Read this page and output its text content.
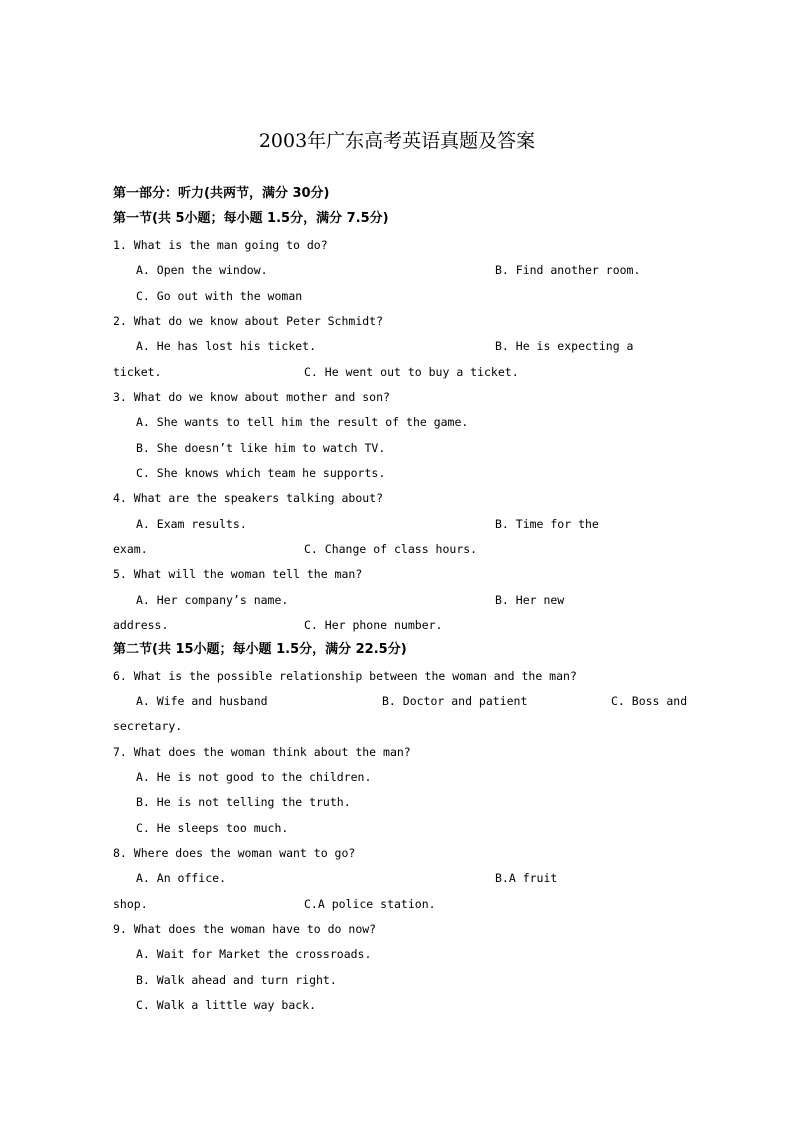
2003年广东高考英语真题及答案
第一部分：听力(共两节，满分 30分)
第一节(共 5小题；每小题 1.5分，满分 7.5分)
1. What is the man going to do?
A. Open the window.	B. Find another room.
C. Go out with the woman
2. What do we know about Peter Schmidt?
A. He has lost his ticket.	B. He is expecting a
ticket.	C. He went out to buy a ticket.
3. What do we know about mother and son?
A. She wants to tell him the result of the game.
B. She doesn’t like him to watch TV.
C. She knows which team he supports.
4. What are the speakers talking about?
A. Exam results.	B. Time for the
exam.	C. Change of class hours.
5. What will the woman tell the man?
A. Her company’s name.	B. Her new
address.	C. Her phone number.
第二节(共 15小题；每小题 1.5分，满分 22.5分)
6. What is the possible relationship between the woman and the man?
A. Wife and husband	B. Doctor and patient	C. Boss and
secretary.
7. What does the woman think about the man?
A. He is not good to the children.
B. He is not telling the truth.
C. He sleeps too much.
8. Where does the woman want to go?
A. An office.	B.A fruit
shop.	C.A police station.
9. What does the woman have to do now?
A. Wait for Market the crossroads.
B. Walk ahead and turn right.
C. Walk a little way back.
